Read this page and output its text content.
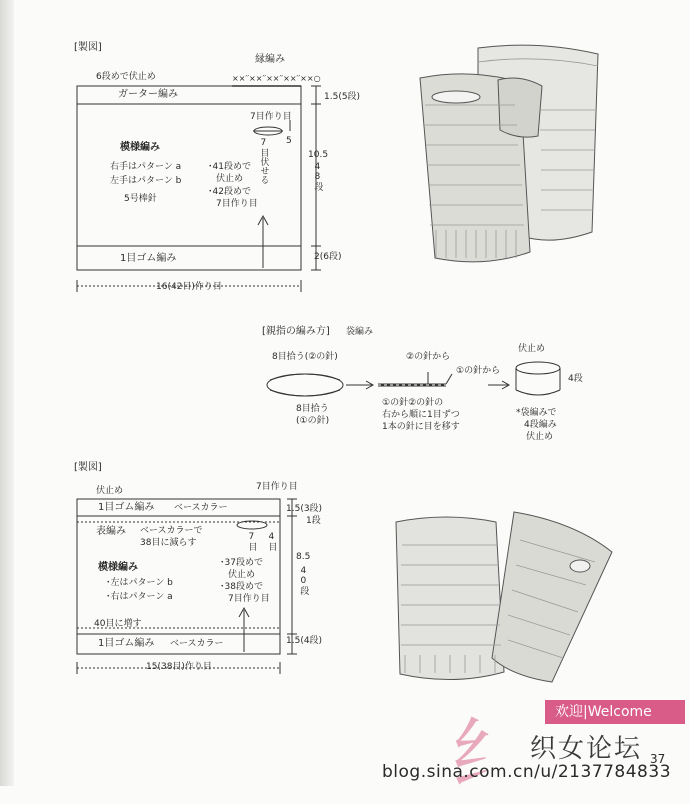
[製図]
縁編み
××′′××′′××′′××′′××○
6段めで伏止め
ガーター編み
模様編み
右手はパターン a
左手はパターン b
5号棒針
1目ゴム編み
7目作り目
7目伏せる 5
･41段めで
伏止め
･42段めで
7目作り目
1.5(5段)
10.5
48段
2(6段)
16(42目)作り目
[親指の編み方] 袋編み
8目拾う(②の針)
8目拾う
(①の針)
②の針から
①の針から
①の針②の針の
右から順に1目ずつ
1本の針に目を移す
伏止め
4段
*袋編みで
4段編み
伏止め
[製図]
伏止め
1目ゴム編み ベースカラー
表編み ベースカラーで
38目に減らす
模様編み
･左はパターン b
･右はパターン a
40目に増す
1目ゴム編み ベースカラー
7目作り目
7目 4目
･37段めで
伏止め
･38段めで
7目作り目
1.5(3段)
1段
8.5
40段
1.5(4段)
15(38目)作り目
纟	欢迎|Welcome
织女论坛 37
blog.sina.com.cn/u/2137784833
